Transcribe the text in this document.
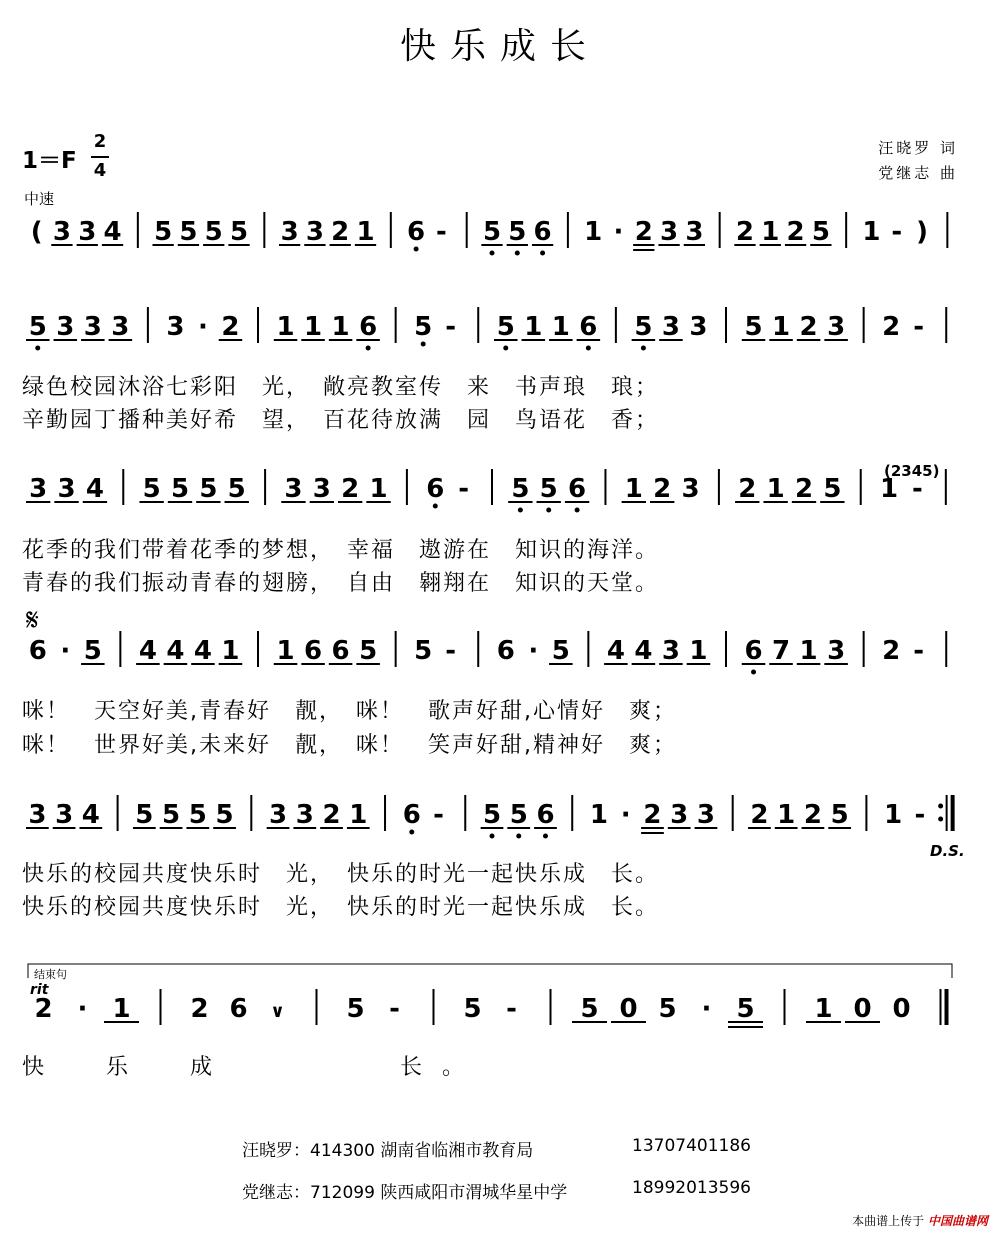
( 3 3 4 5 5 5 5 3 3 2 1 6 - 5 5 6 1 · 2 3 3 2 1 2 5 1 - )
5 3 3 3 3 · 2 1 1 1 6 5 - 5 1 1 6 5 3 3 5 1 2 3 2 -
3 3 4 5 5 5 5 3 3 2 1 6 - 5 5 6 1 2 3 2 1 2 5 1 -
6 · 5 4 4 4 1 1 6 6 5 5 - 6 · 5 4 4 3 1 6 7 1 3 2 -
3 3 4 5 5 5 5 3 3 2 1 6 - 5 5 6 1 · 2 3 3 2 1 2 5 1 -
2 · 1 2 6 ∨ 5 - 5 - 5 0 5 · 5 1 0 0
快乐成长
1＝F
2
4
中速
汪晓罗 词
党继志 曲
绿色校园沐浴七彩阳　光，　敞亮教室传　来　书声琅　琅；
辛勤园丁播种美好希　望，　百花待放满　园　鸟语花　香；
花季的我们带着花季的梦想，　幸福　遨游在　知识的海洋。
青春的我们振动青春的翅膀，　自由　翱翔在　知识的天堂。
咪！　天空好美,青春好　靓，　咪！　歌声好甜,心情好　爽；
咪！　世界好美,未来好　靓，　咪！　笑声好甜,精神好　爽；
快乐的校园共度快乐时　光，　快乐的时光一起快乐成　长。
快乐的校园共度快乐时　光，　快乐的时光一起快乐成　长。
快　乐　成　　　　长。
𝄋
D.S.
结束句
rit
(2345)
汪晓罗：414300 湖南省临湘市教育局	13707401186
党继志：712099 陕西咸阳市渭城华星中学	18992013596
本曲谱上传于 中国曲谱网
